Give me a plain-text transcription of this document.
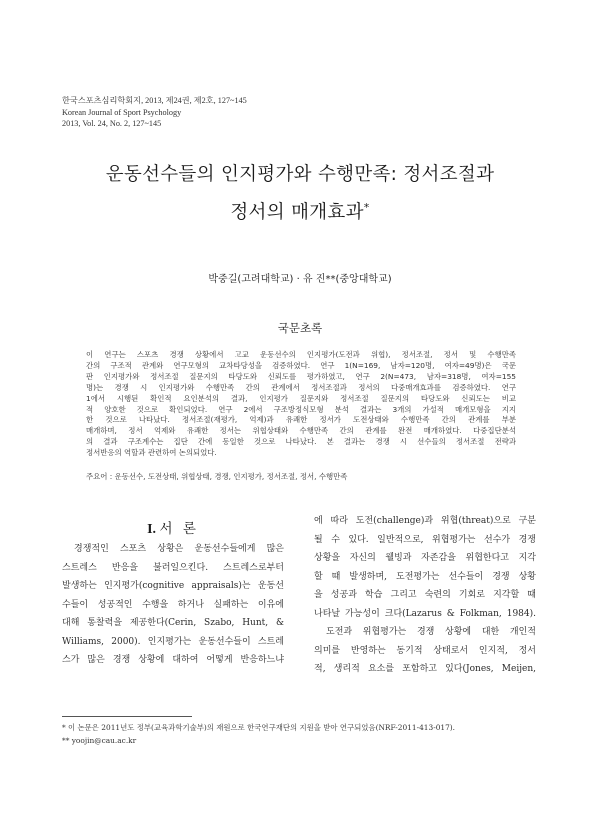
한국스포츠심리학회지, 2013, 제24권, 제2호, 127~145
Korean Journal of Sport Psychology
2013, Vol. 24, No. 2, 127~145
운동선수들의 인지평가와 수행만족: 정서조절과
정서의 매개효과*
박중길(고려대학교) · 유 진**(중앙대학교)
국문초록
이 연구는 스포츠 경쟁 상황에서 고교 운동선수의 인지평가(도전과 위협), 정서조절, 정서 및 수행만족
간의 구조적 관계와 연구모형의 교차타당성을 검증하였다. 연구 1(N=169, 남자=120명, 여자=49명)은 국문
판 인지평가와 정서조절 질문지의 타당도와 신뢰도를 평가하였고, 연구 2(N=473, 남자=318명, 여자=155
명)는 경쟁 시 인지평가와 수행만족 간의 관계에서 정서조절과 정서의 다중매개효과를 검증하였다. 연구
1에서 시행된 확인적 요인분석의 결과, 인지평가 질문지와 정서조절 질문지의 타당도와 신뢰도는 비교
적 양호한 것으로 확인되었다. 연구 2에서 구조방정식모형 분석 결과는 3개의 가설적 매개모형을 지지
한 것으로 나타났다. 정서조절(재평가, 억제)과 유쾌한 정서가 도전상태와 수행만족 간의 관계를 부분
매개하며, 정서 억제와 유쾌한 정서는 위협상태와 수행만족 간의 관계를 완전 매개하였다. 다중집단분석
의 결과 구조계수는 집단 간에 동일한 것으로 나타났다. 본 결과는 경쟁 시 선수들의 정서조절 전략과
정서반응의 역할과 관련하여 논의되었다.
주요어 : 운동선수, 도전상태, 위협상태, 경쟁, 인지평가, 정서조절, 정서, 수행만족
I. 서 론
경쟁적인 스포츠 상황은 운동선수들에게 많은
스트레스 반응을 불러일으킨다. 스트레스로부터
발생하는 인지평가(cognitive appraisals)는 운동선
수들이 성공적인 수행을 하거나 실패하는 이유에
대해 통찰력을 제공한다(Cerin, Szabo, Hunt, &
Williams, 2000). 인지평가는 운동선수들이 스트레
스가 많은 경쟁 상황에 대하여 어떻게 반응하느냐
에 따라 도전(challenge)과 위협(threat)으로 구분
될 수 있다. 일반적으로, 위협평가는 선수가 경쟁
상황을 자신의 웰빙과 자존감을 위협한다고 지각
할 때 발생하며, 도전평가는 선수들이 경쟁 상황
을 성공과 학습 그리고 숙련의 기회로 지각할 때
나타날 가능성이 크다(Lazarus & Folkman, 1984).
도전과 위협평가는 경쟁 상황에 대한 개인적
의미를 반영하는 동기적 상태로서 인지적, 정서
적, 생리적 요소를 포함하고 있다(Jones, Meijen,
* 이 논문은 2011년도 정부(교육과학기술부)의 재원으로 한국연구재단의 지원을 받아 연구되었음(NRF-2011-413-017).
** yoojin@cau.ac.kr
